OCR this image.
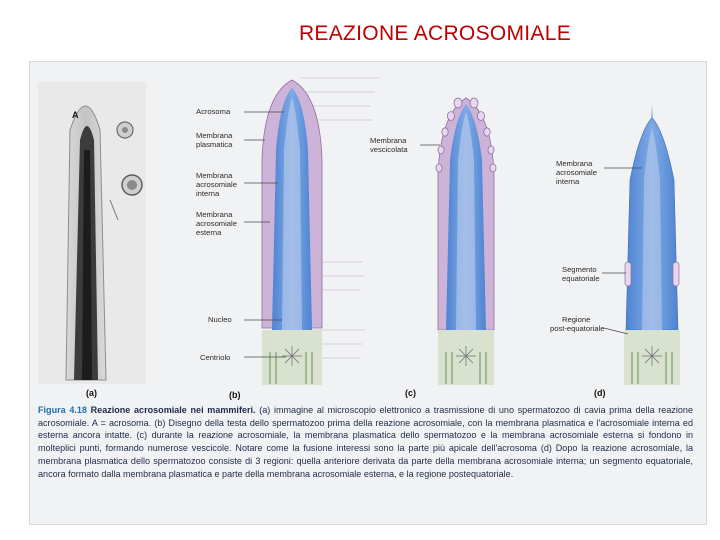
REAZIONE ACROSOMIALE
A	Acrosoma
Membrana
plasmatica
Membrana
acrosomiale
interna
Membrana
acrosomiale
esterna
Nucleo
Centriolo
Membrana
vescicolata
Membrana
acrosomiale
interna
Segmento
equatoriale
Regione
post-equatoriale
(a)	(b)	(c)	(d)
Figura 4.18 Reazione acrosomiale nei mammiferi. (a) immagine al microscopio elettronico a trasmissione di uno spermatozoo di cavia prima della reazione acrosomiale. A = acrosoma. (b) Disegno della testa dello spermatozoo prima della reazione acrosomiale, con la membrana plasmatica e l'acrosomiale interna ed esterna ancora intatte. (c) durante la reazione acrosomiale, la membrana plasmatica dello spermatozoo e la membrana acrosomiale esterna si fondono in molteplici punti, formando numerose vescicole. Notare come la fusione interessi sono la parte più apicale dell'acrosoma (d) Dopo la reazione acrosomiale, la membrana plasmatica dello spermatozoo consiste di 3 regioni: quella anteriore derivata da parte della membrana acrosomiale interna; un segmento equatoriale, ancora formato dalla membrana plasmatica e parte della membrana acrosomiale esterna, e la regione postequatoriale.
